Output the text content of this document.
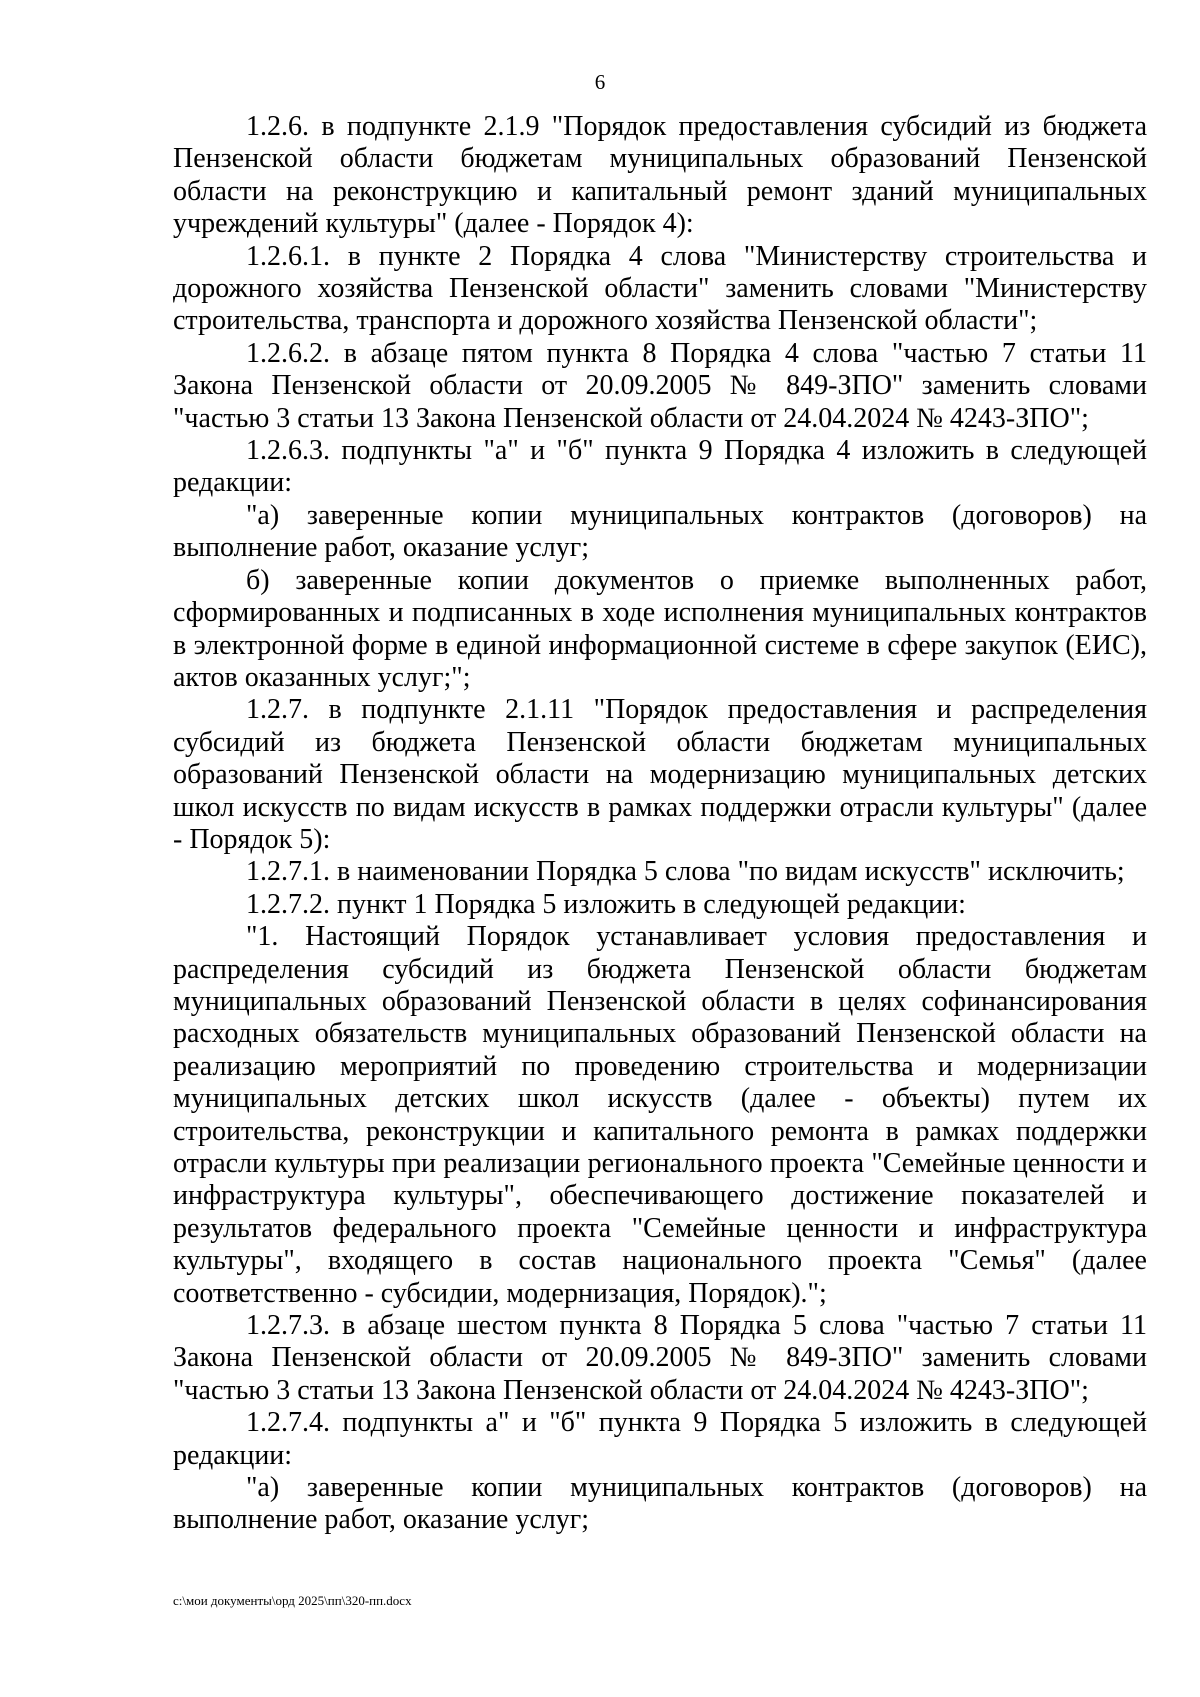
6

1.2.6. в подпункте 2.1.9 "Порядок предоставления субсидий из бюджета Пензенской области бюджетам муниципальных образований Пензенской области на реконструкцию и капитальный ремонт зданий муниципальных учреждений культуры" (далее - Порядок 4):

1.2.6.1. в пункте 2 Порядка 4 слова "Министерству строительства и дорожного хозяйства Пензенской области" заменить словами "Министерству строительства, транспорта и дорожного хозяйства Пензенской области";

1.2.6.2. в абзаце пятом пункта 8 Порядка 4 слова "частью 7 статьи 11 Закона Пензенской области от 20.09.2005 № 849-ЗПО" заменить словами "частью 3 статьи 13 Закона Пензенской области от 24.04.2024 № 4243-ЗПО";

1.2.6.3. подпункты "а" и "б" пункта 9 Порядка 4 изложить в следующей редакции:

"а) заверенные копии муниципальных контрактов (договоров) на выполнение работ, оказание услуг;

б) заверенные копии документов о приемке выполненных работ, сформированных и подписанных в ходе исполнения муниципальных контрактов в электронной форме в единой информационной системе в сфере закупок (ЕИС), актов оказанных услуг;";

1.2.7. в подпункте 2.1.11 "Порядок предоставления и распределения субсидий из бюджета Пензенской области бюджетам муниципальных образований Пензенской области на модернизацию муниципальных детских школ искусств по видам искусств в рамках поддержки отрасли культуры" (далее - Порядок 5):

1.2.7.1. в наименовании Порядка 5 слова "по видам искусств" исключить;

1.2.7.2. пункт 1 Порядка 5 изложить в следующей редакции:

"1. Настоящий Порядок устанавливает условия предоставления и распределения субсидий из бюджета Пензенской области бюджетам муниципальных образований Пензенской области в целях софинансирования расходных обязательств муниципальных образований Пензенской области на реализацию мероприятий по проведению строительства и модернизации муниципальных детских школ искусств (далее - объекты) путем их строительства, реконструкции и капитального ремонта в рамках поддержки отрасли культуры при реализации регионального проекта "Семейные ценности и инфраструктура культуры", обеспечивающего достижение показателей и результатов федерального проекта "Семейные ценности и инфраструктура культуры", входящего в состав национального проекта "Семья" (далее соответственно - субсидии, модернизация, Порядок).";

1.2.7.3. в абзаце шестом пункта 8 Порядка 5 слова "частью 7 статьи 11 Закона Пензенской области от 20.09.2005 № 849-ЗПО" заменить словами "частью 3 статьи 13 Закона Пензенской области от 24.04.2024 № 4243-ЗПО";

1.2.7.4. подпункты а" и "б" пункта 9 Порядка 5 изложить в следующей редакции:

"а) заверенные копии муниципальных контрактов (договоров) на выполнение работ, оказание услуг;

с:\мои документы\орд 2025\пп\320-пп.docx
